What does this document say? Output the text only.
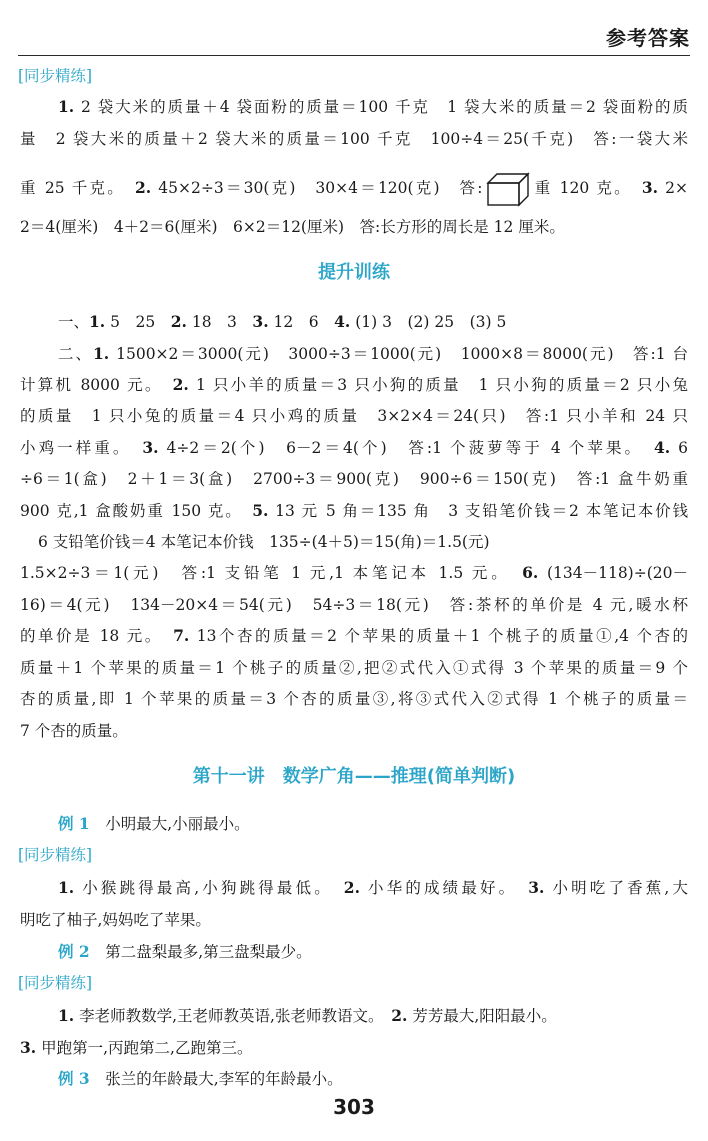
参考答案
[同步精练]
1. 2 袋大米的质量＋4 袋面粉的质量＝100 千克　1 袋大米的质量＝2 袋面粉的质
量　2 袋大米的质量＋2 袋大米的质量＝100 千克　100÷4＝25(千克)　答:一袋大米
重 25 千克。　2. 45×2÷3＝30(克)　30×4＝120(克)　答:	重 120 克。　3. 2×
2＝4(厘米)　4＋2＝6(厘米)　6×2＝12(厘米)　答:长方形的周长是 12 厘米。
提升训练
一、1. 5　25　2. 18　3　3. 12　6　4. (1) 3　(2) 25　(3) 5
二、1. 1500×2＝3000(元)　3000÷3＝1000(元)　1000×8＝8000(元)　答:1 台
计算机 8000 元。　2. 1 只小羊的质量＝3 只小狗的质量　1 只小狗的质量＝2 只小兔
的质量　1 只小兔的质量＝4 只小鸡的质量　3×2×4＝24(只)　答:1 只小羊和 24 只
小鸡一样重。　3. 4÷2＝2(个)　6－2＝4(个)　答:1 个菠萝等于 4 个苹果。　4. 6
÷6＝1(盒)　2＋1＝3(盒)　2700÷3＝900(克)　900÷6＝150(克)　答:1 盒牛奶重
900 克,1 盒酸奶重 150 克。　5. 13 元 5 角＝135 角　3 支铅笔价钱＝2 本笔记本价钱
6 支铅笔价钱＝4 本笔记本价钱　135÷(4＋5)＝15(角)＝1.5(元)
1.5×2÷3＝1(元)　答:1 支铅笔 1 元,1 本笔记本 1.5 元。　6. (134－118)÷(20－
16)＝4(元)　134－20×4＝54(元)　54÷3＝18(元)　答:茶杯的单价是 4 元,暖水杯
的单价是 18 元。　7. 13个杏的质量＝2 个苹果的质量＋1 个桃子的质量①,4 个杏的
质量＋1 个苹果的质量＝1 个桃子的质量②,把②式代入①式得 3 个苹果的质量＝9 个
杏的质量,即 1 个苹果的质量＝3 个杏的质量③,将③式代入②式得 1 个桃子的质量＝
7 个杏的质量。
第十一讲　数学广角——推理(简单判断)
例 1　小明最大,小丽最小。
[同步精练]
1. 小猴跳得最高,小狗跳得最低。　2. 小华的成绩最好。　3. 小明吃了香蕉,大
明吃了柚子,妈妈吃了苹果。
例 2　第二盘梨最多,第三盘梨最少。
[同步精练]
1. 李老师教数学,王老师教英语,张老师教语文。　2. 芳芳最大,阳阳最小。
3. 甲跑第一,丙跑第二,乙跑第三。
例 3　张兰的年龄最大,李军的年龄最小。
303
